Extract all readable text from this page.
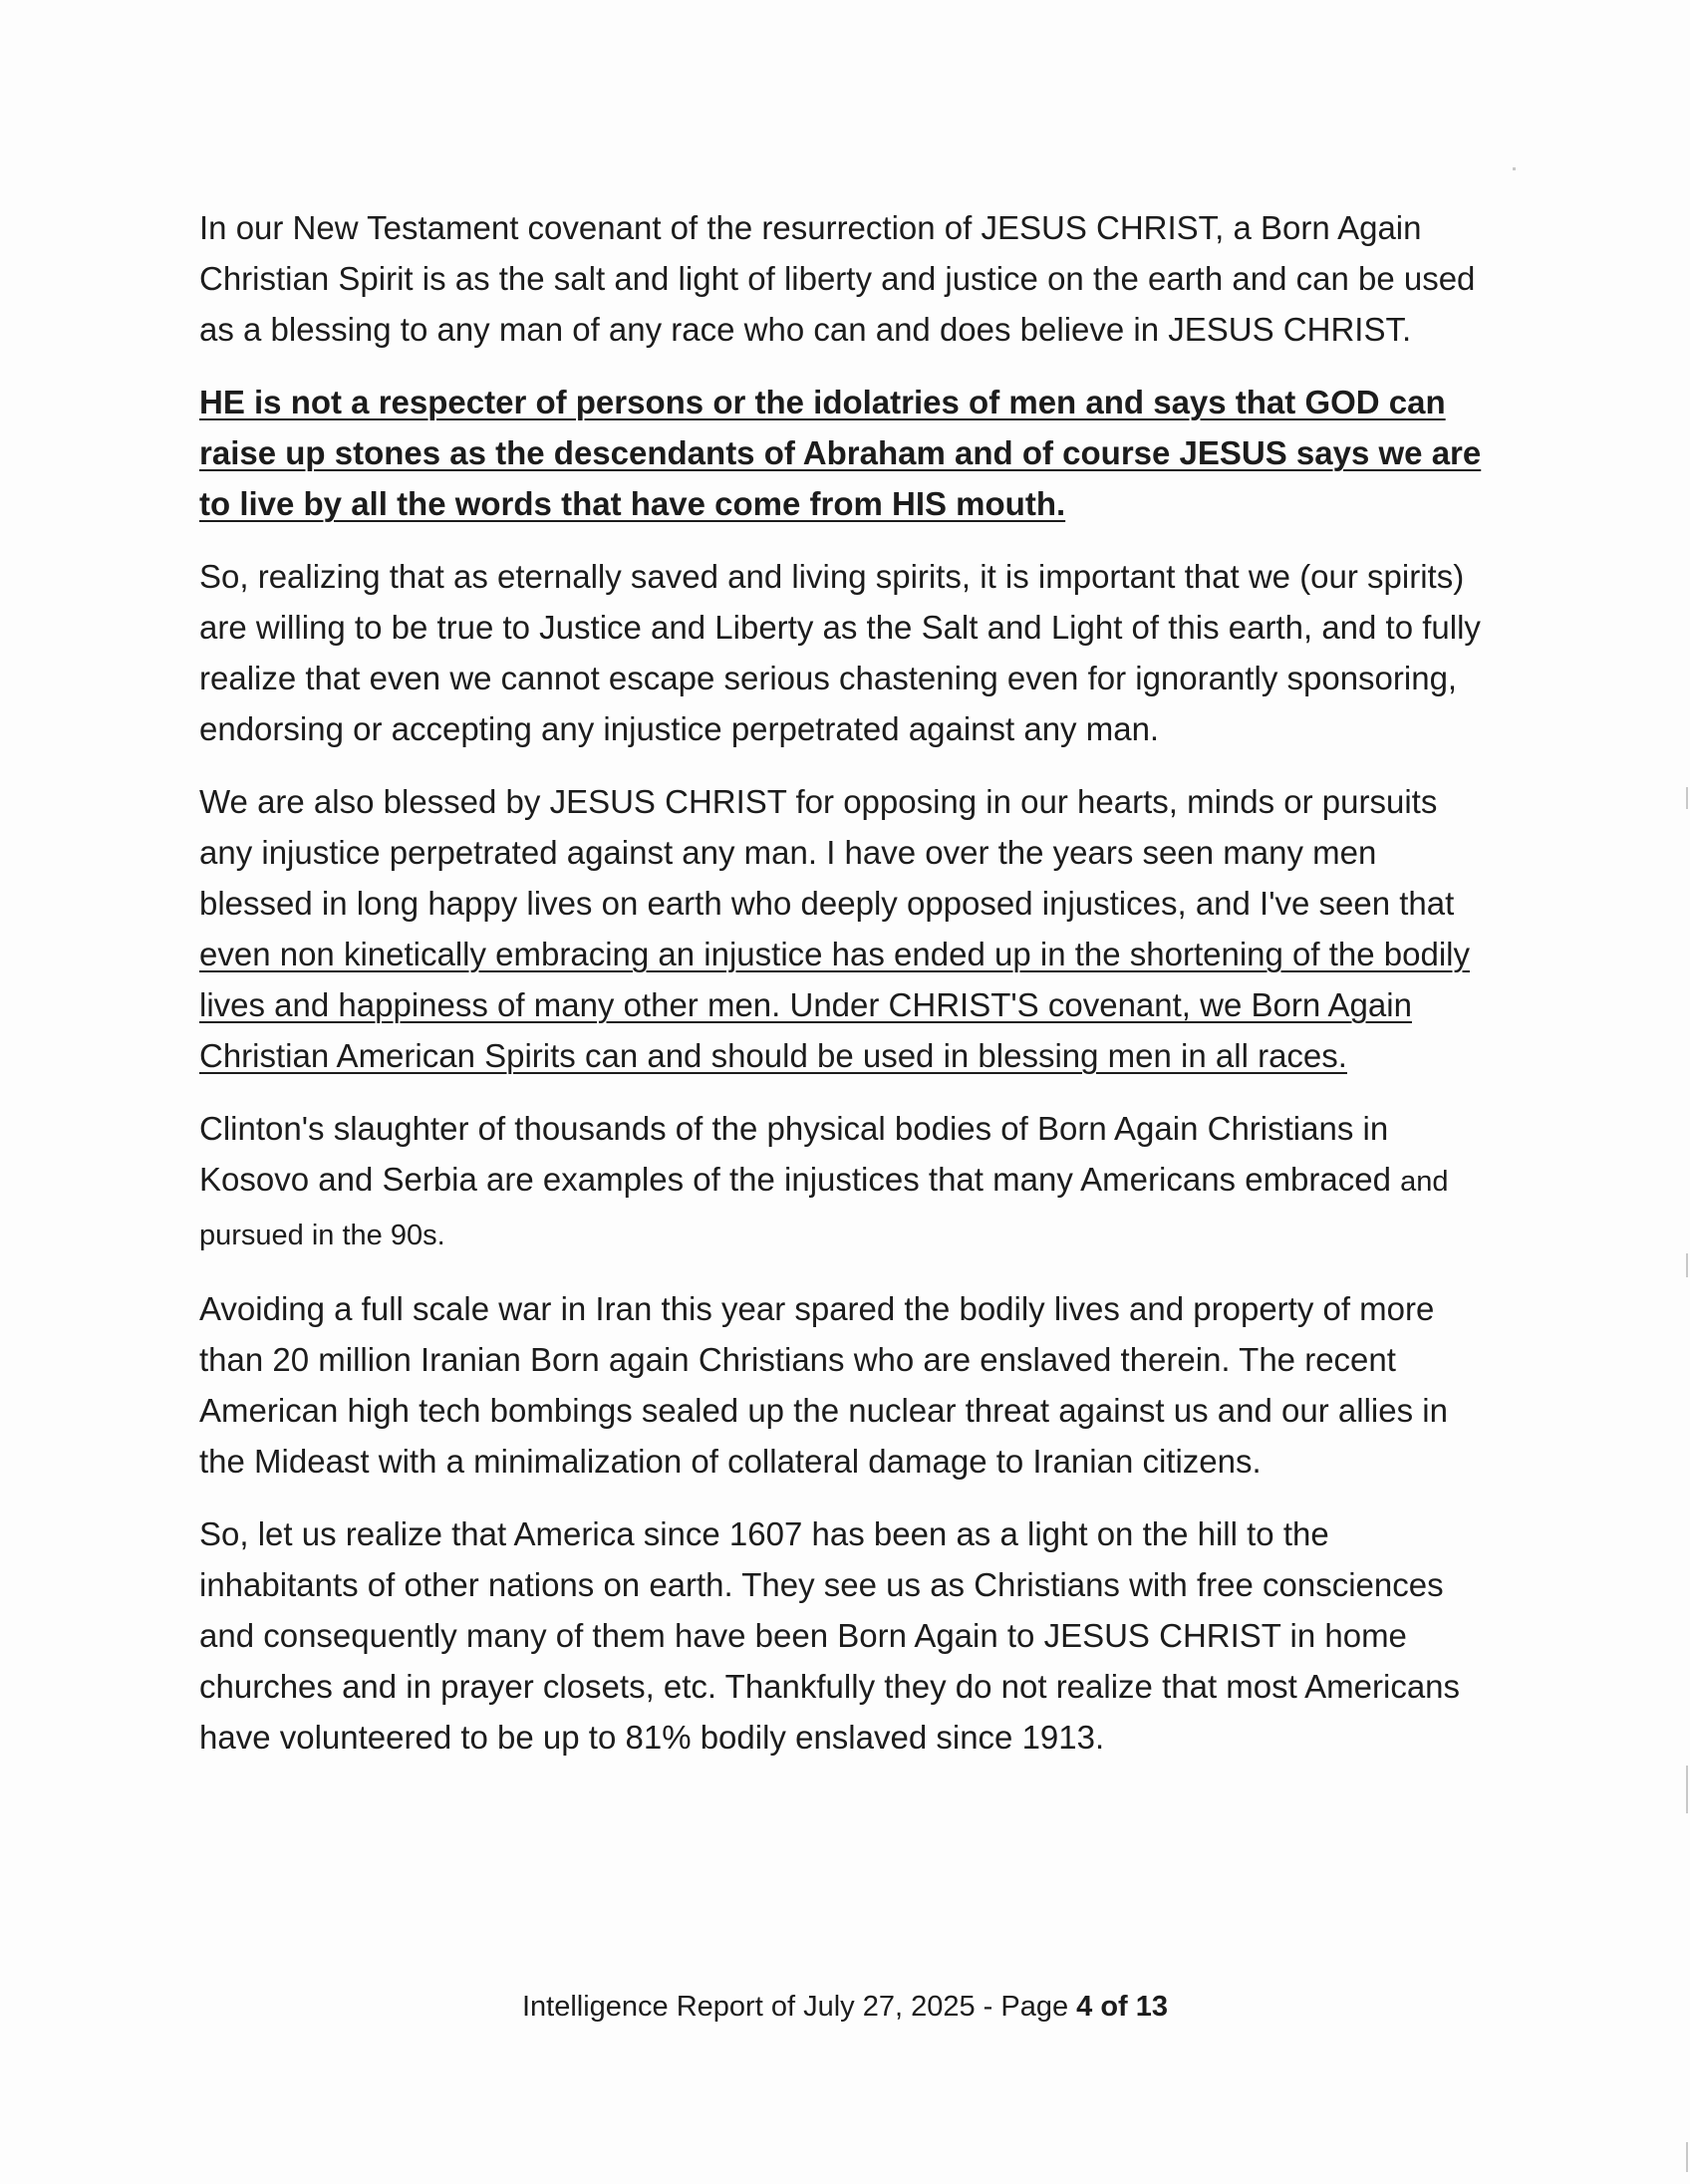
In our New Testament covenant of the resurrection of JESUS CHRIST, a Born Again Christian Spirit is as the salt and light of liberty and justice on the earth and can be used as a blessing to any man of any race who can and does believe in JESUS CHRIST.

HE is not a respecter of persons or the idolatries of men and says that GOD can raise up stones as the descendants of Abraham and of course JESUS says we are to live by all the words that have come from HIS mouth.

So, realizing that as eternally saved and living spirits, it is important that we (our spirits) are willing to be true to Justice and Liberty as the Salt and Light of this earth, and to fully realize that even we cannot escape serious chastening even for ignorantly sponsoring, endorsing or accepting any injustice perpetrated against any man.

We are also blessed by JESUS CHRIST for opposing in our hearts, minds or pursuits any injustice perpetrated against any man. I have over the years seen many men blessed in long happy lives on earth who deeply opposed injustices, and I've seen that even non kinetically embracing an injustice has ended up in the shortening of the bodily lives and happiness of many other men. Under CHRIST'S covenant, we Born Again Christian American Spirits can and should be used in blessing men in all races.

Clinton's slaughter of thousands of the physical bodies of Born Again Christians in Kosovo and Serbia are examples of the injustices that many Americans embraced and pursued in the 90s.

Avoiding a full scale war in Iran this year spared the bodily lives and property of more than 20 million Iranian Born again Christians who are enslaved therein. The recent American high tech bombings sealed up the nuclear threat against us and our allies in the Mideast with a minimalization of collateral damage to Iranian citizens.

So, let us realize that America since 1607 has been as a light on the hill to the inhabitants of other nations on earth. They see us as Christians with free consciences and consequently many of them have been Born Again to JESUS CHRIST in home churches and in prayer closets, etc. Thankfully they do not realize that most Americans have volunteered to be up to 81% bodily enslaved since 1913.

Intelligence Report of July 27, 2025 - Page 4 of 13
